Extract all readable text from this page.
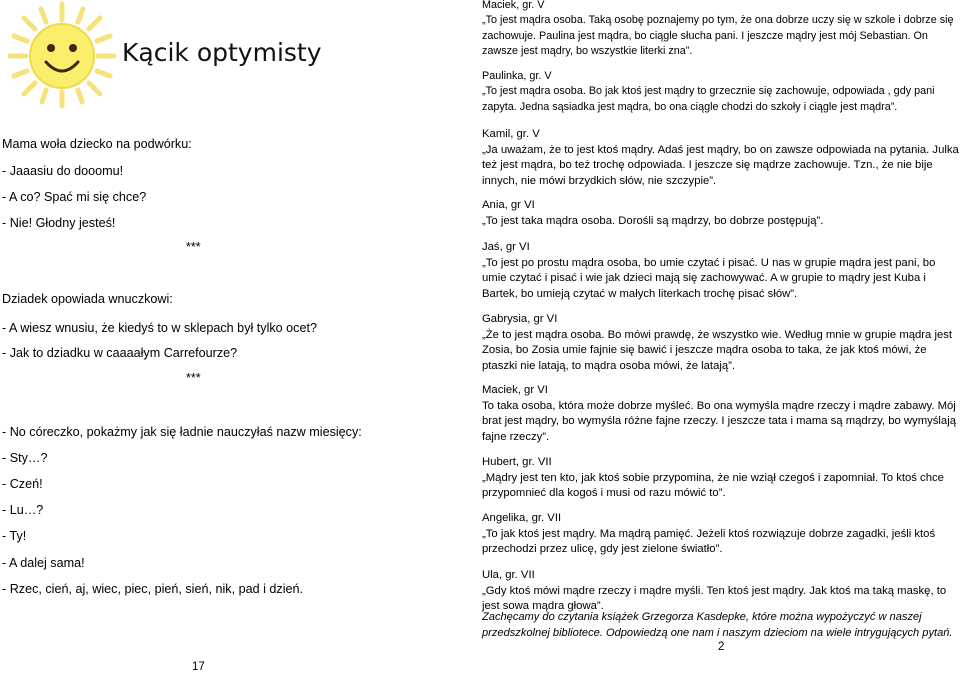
Kącik optymisty
Mama woła dziecko na podwórku:
- Jaaasiu do dooomu!
- A co? Spać mi się chce?
- Nie! Głodny jesteś!
***
Dziadek opowiada wnuczkowi:
- A wiesz wnusiu, że kiedyś to w sklepach był tylko ocet?
- Jak to dziadku w caaaałym Carrefourze?
***
- No córeczko, pokażmy jak się ładnie nauczyłaś nazw miesięcy:
- Sty…?
- Czeń!
- Lu…?
- Ty!
- A dalej sama!
- Rzec, cień, aj, wiec, piec, pień, sień, nik, pad i dzień.
17
Maciek, gr. V
„To jest mądra osoba. Taką osobę poznajemy po tym, że ona dobrze uczy się w szkole i dobrze się zachowuje. Paulina jest mądra, bo ciągle słucha pani. I jeszcze mądry jest mój Sebastian. On zawsze jest mądry, bo wszystkie literki zna”.
Paulinka, gr. V
„To jest mądra osoba. Bo jak ktoś jest mądry to grzecznie się zachowuje, odpowiada , gdy pani zapyta. Jedna sąsiadka jest mądra, bo ona ciągle chodzi do szkoły i ciągle jest mądra”.
Kamil, gr. V
„Ja uważam, że to jest ktoś mądry. Adaś jest mądry, bo on zawsze odpowiada na pytania. Julka też jest mądra, bo też trochę odpowiada. I jeszcze się mądrze zachowuje. Tzn., że nie bije innych, nie mówi brzydkich słów, nie szczypie”.
Ania, gr VI
„To jest taka mądra osoba. Dorośli są mądrzy, bo dobrze postępują”.
Jaś, gr VI
„To jest po prostu mądra osoba, bo umie czytać i pisać. U nas w grupie mądra jest pani, bo umie czytać i pisać i wie jak dzieci mają się zachowywać. A w grupie to mądry jest Kuba i Bartek, bo umieją czytać w małych literkach trochę pisać słów”.
Gabrysia, gr VI
„Że to jest mądra osoba. Bo mówi prawdę, że wszystko wie. Według mnie w grupie mądra jest Zosia, bo Zosia umie fajnie się bawić i jeszcze mądra osoba to taka, że jak ktoś mówi, że ptaszki nie latają, to mądra osoba mówi, że latają”.
Maciek, gr VI
To taka osoba, która może dobrze myśleć. Bo ona wymyśla mądre rzeczy i mądre zabawy. Mój brat jest mądry, bo wymyśla różne fajne rzeczy. I jeszcze tata i mama są mądrzy, bo wymyślają fajne rzeczy”.
Hubert, gr. VII
„Mądry jest ten kto, jak ktoś sobie przypomina, że nie wziął czegoś i zapomniał. To ktoś chce przypomnieć dla kogoś i musi od razu mówić to”.
Angelika, gr. VII
„To jak ktoś jest mądry. Ma mądrą pamięć. Jeżeli ktoś rozwiązuje dobrze zagadki, jeśli ktoś przechodzi przez ulicę, gdy jest zielone światło”.
Ula, gr. VII
„Gdy ktoś mówi mądre rzeczy i mądre myśli. Ten ktoś jest mądry. Jak ktoś ma taką maskę, to jest sowa mądra głowa”.
Zachęcamy do czytania książek Grzegorza Kasdepke, które można wypożyczyć w naszej przedszkolnej bibliotece. Odpowiedzą one nam i naszym dzieciom na wiele intrygujących pytań.
2
